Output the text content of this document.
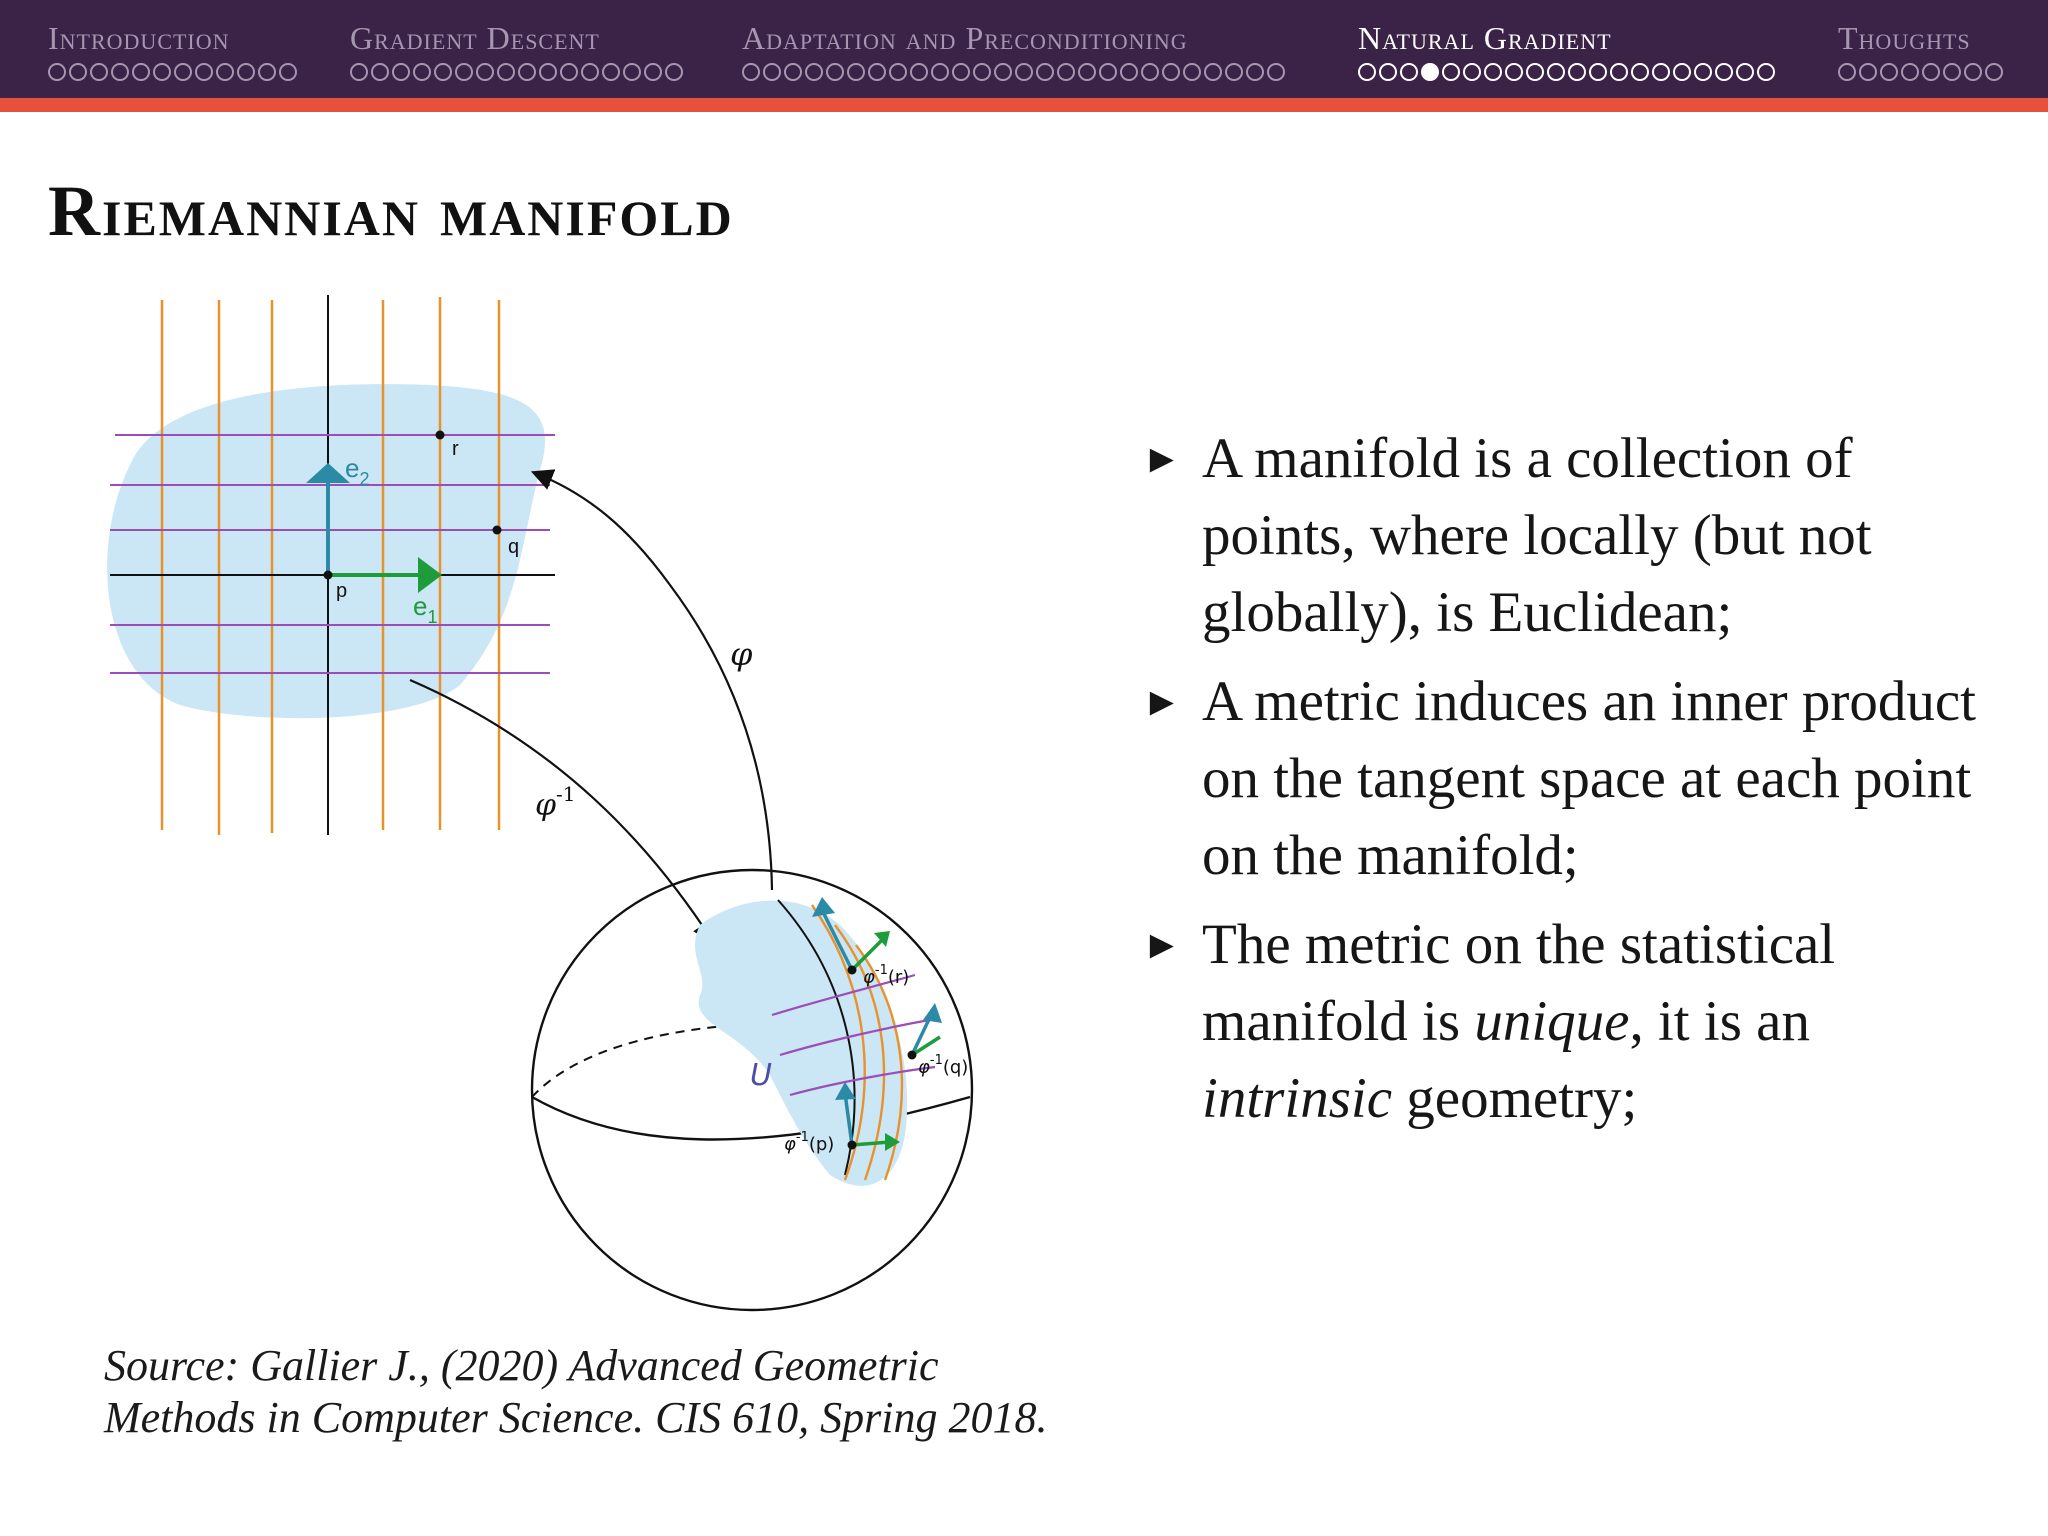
Introduction	Gradient Descent	Adaptation and Preconditioning	Natural Gradient	Thoughts
Riemannian manifold
$e_2$
$e_1$
p
q
r
φ
$\varphi^{-1}$
U
$\varphi^{-1}(r)$
$\varphi^{-1}(q)$
$\varphi^{-1}(p)$
► A manifold is a collection of points, where locally (but not globally), is Euclidean;
► A metric induces an inner product on the tangent space at each point on the manifold;
► The metric on the statistical manifold is unique, it is an intrinsic geometry;
Source: Gallier J., (2020) Advanced Geometric
Methods in Computer Science. CIS 610, Spring 2018.
